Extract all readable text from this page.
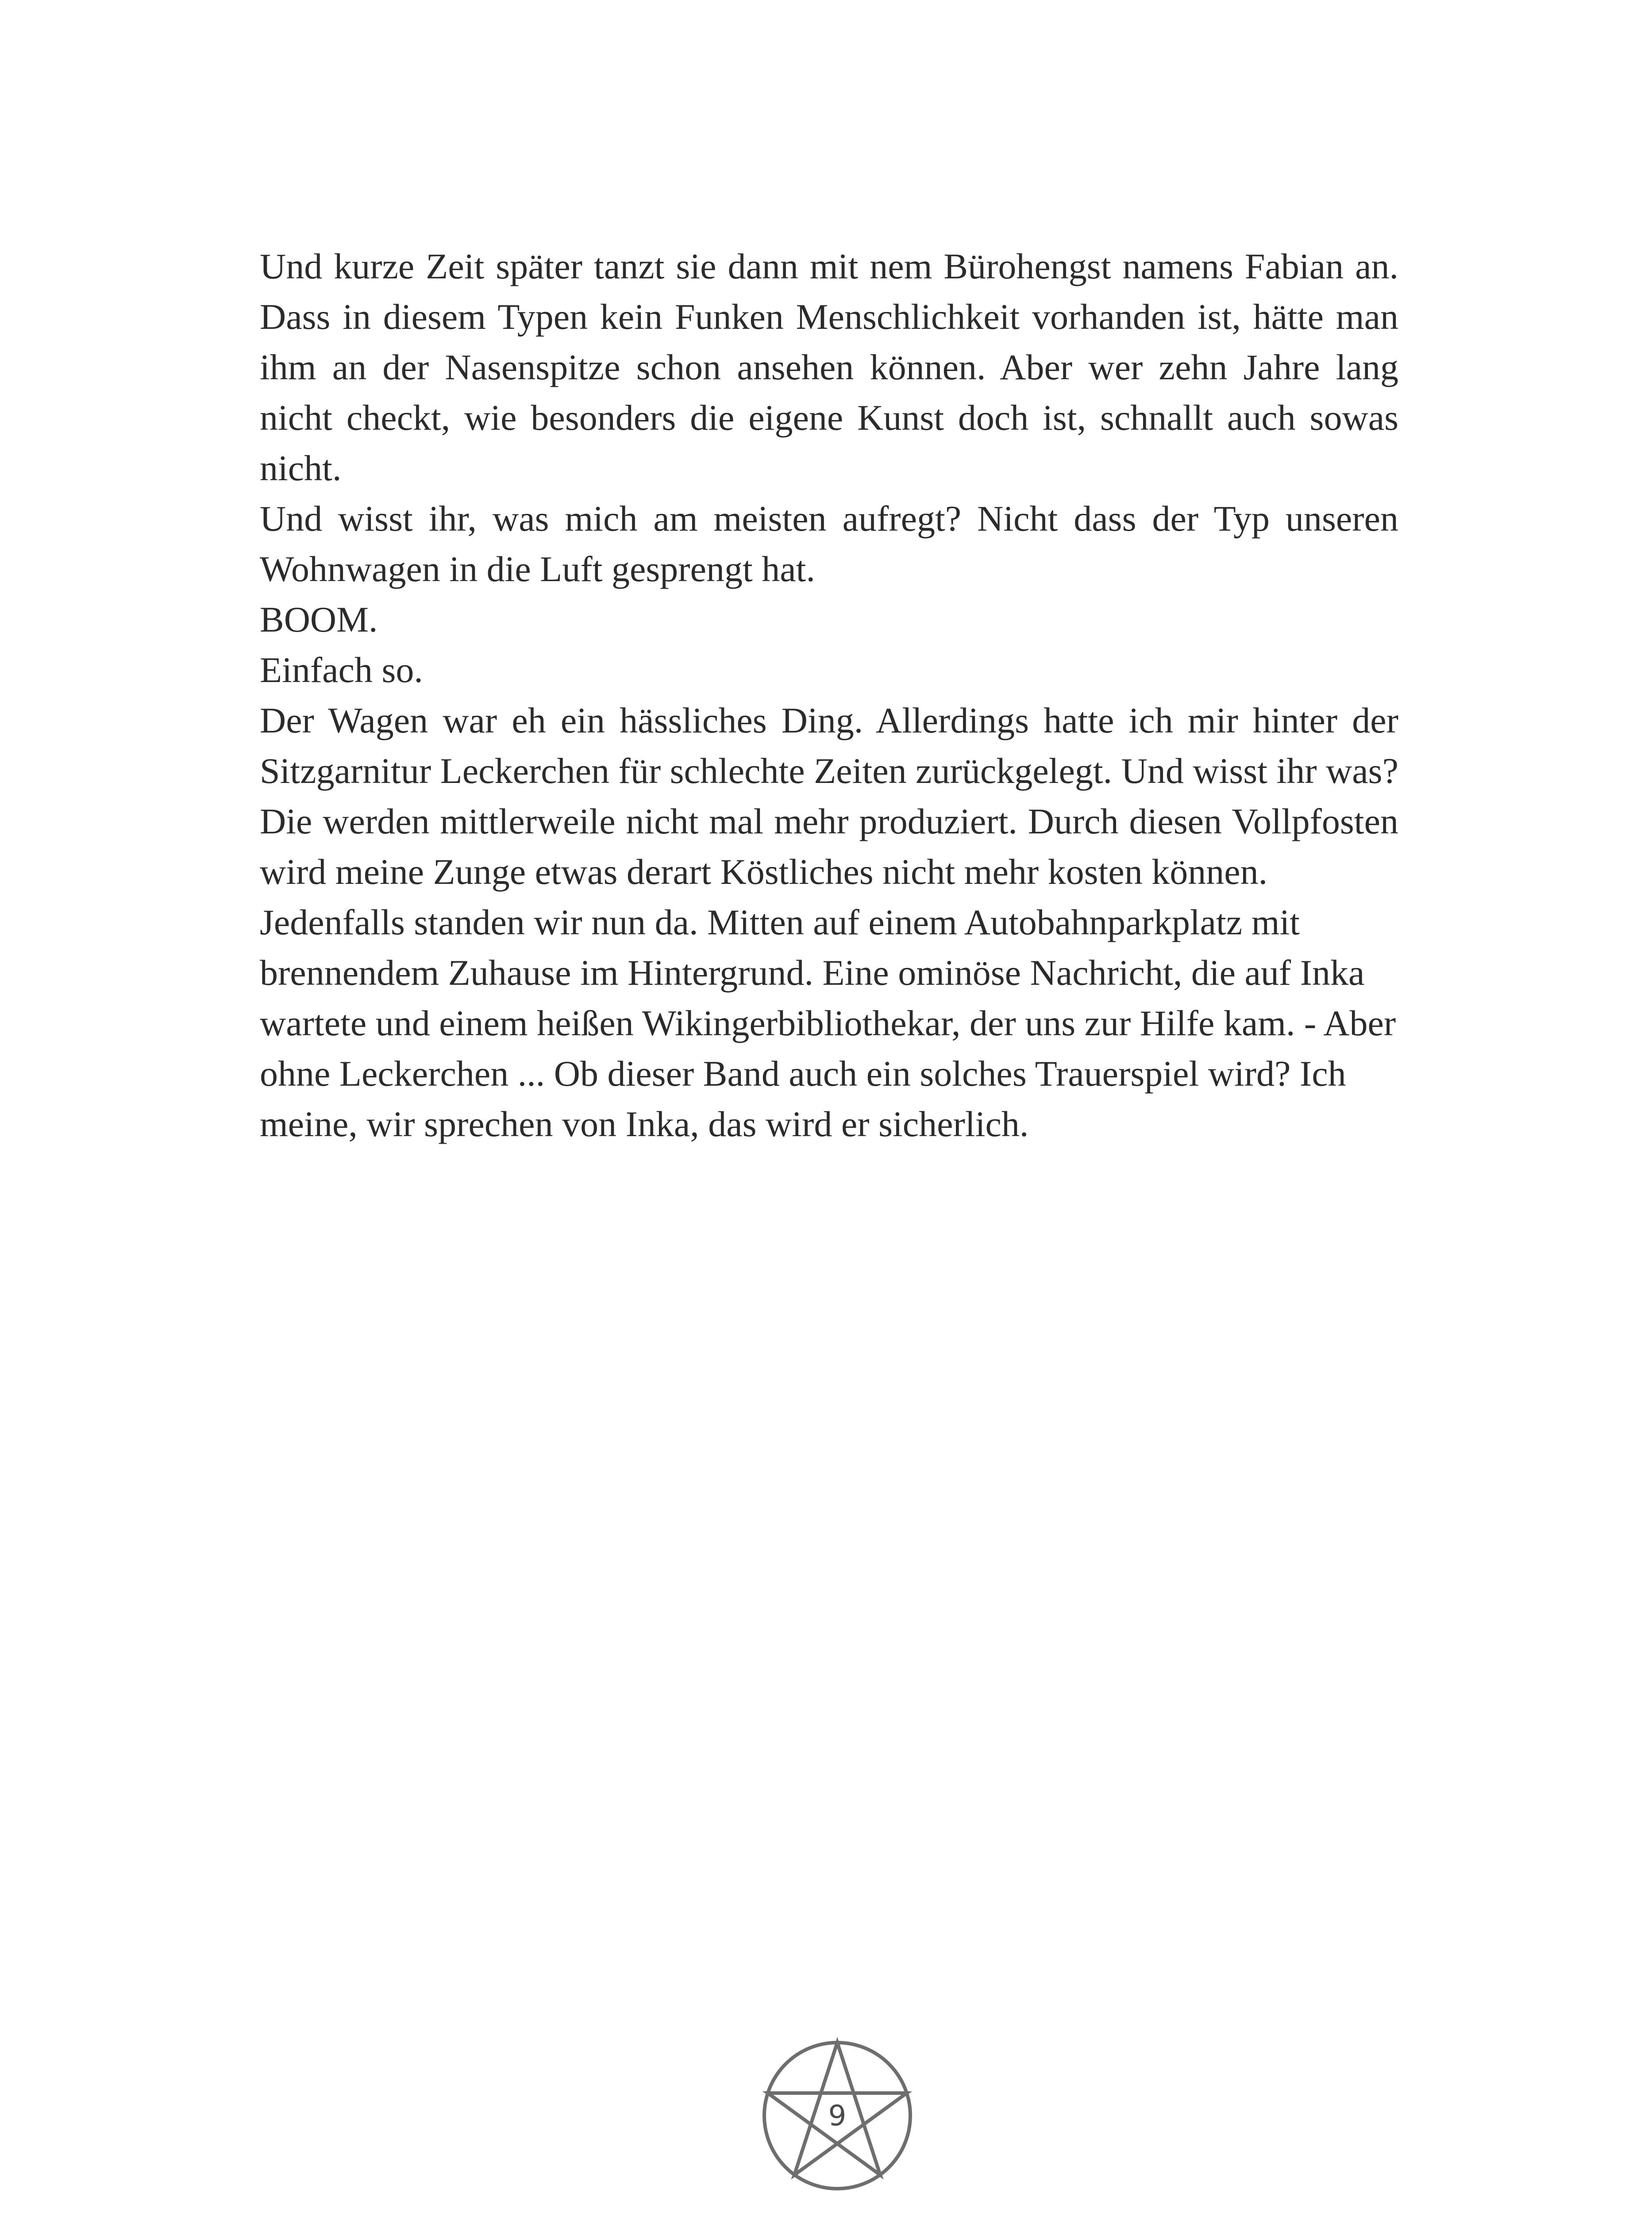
Und kurze Zeit später tanzt sie dann mit nem Bürohengst namens Fabian an. Dass in diesem Typen kein Funken Menschlichkeit vorhanden ist, hätte man ihm an der Nasenspitze schon ansehen können. Aber wer zehn Jahre lang nicht checkt, wie besonders die eigene Kunst doch ist, schnallt auch sowas nicht.

Und wisst ihr, was mich am meisten aufregt? Nicht dass der Typ unseren Wohnwagen in die Luft gesprengt hat.

BOOM.

Einfach so.

Der Wagen war eh ein hässliches Ding. Allerdings hatte ich mir hinter der Sitzgarnitur Leckerchen für schlechte Zeiten zurückgelegt. Und wisst ihr was? Die werden mittlerweile nicht mal mehr produziert. Durch diesen Vollpfosten wird meine Zunge etwas derart Köstliches nicht mehr kosten können.

Jedenfalls standen wir nun da. Mitten auf einem Autobahnparkplatz mit brennendem Zuhause im Hintergrund. Eine ominöse Nachricht, die auf Inka wartete und einem heißen Wikingerbibliothekar, der uns zur Hilfe kam. - Aber ohne Leckerchen ... Ob dieser Band auch ein solches Trauerspiel wird? Ich meine, wir sprechen von Inka, das wird er sicherlich.

9
